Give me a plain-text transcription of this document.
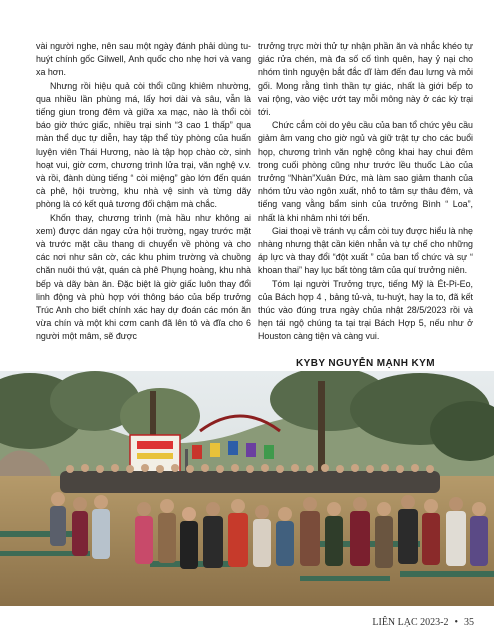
vài người nghe, nên sau một ngày đánh phải dùng tu-huýt chính gốc Gilwell, Anh quốc cho nhẹ hơi và vang xa hơn.

Nhưng rồi hiệu quả còi thổi cũng khiêm nhường, qua nhiều lần phùng má, lấy hơi dài và sâu, vẫn là tiếng giun trong đêm và giữa xa mạc, nào là thổi còi báo giờ thức giấc, nhiều trại sinh “3 cao 1 thấp” qua màn thể dục tự diễn, hay tập thể tùy phòng của huấn luyện viên Thái Hương, nào là tập họp chào cờ, sinh hoạt vui, giờ cơm, chương trình lửa trại, văn nghệ v.v. và rồi, đành dùng tiếng “ còi miệng” gào lớn đến quán cà phê, hội trường, khu nhà vệ sinh và từng dãy phòng là có kết quả tương đối chậm mà chắc.

Khốn thay, chương trình (mà hầu như không ai xem) được dán ngay cửa hội trường, ngay trước mặt và trước mặt cầu thang di chuyển về phòng và cho các nơi như sân cờ, các khu phim trường và chuồng chăn nuôi thú vật, quán cà phê Phụng hoàng, khu nhà bếp và dãy bàn ăn. Đặc biệt là giờ giấc luôn thay đổi linh động và phù hợp với thông báo của bếp trưởng Trúc Anh cho biết chính xác hay dự đoán các món ăn vừa chín và một khi cơm canh đã lên tô và đĩa cho 6 người một mâm, sẽ được

trưởng trực mời thử tự nhận phần ăn và nhắc khéo tự giác rửa chén, mà đa số cố tình quên, hay ỷ nại cho nhóm tình nguyện bắt đắc dĩ làm đến đau lưng và mỏi gối. Mong rằng tình thần tự giác, nhất là giới bếp to vai rộng, vào việc ướt tay mỗi mông này ở các kỳ trại tới.

Chức cắm còi do yêu cầu của ban tổ chức yêu cầu giảm âm vang cho giờ ngủ và giữ trật tự cho các buổi họp, chương trình văn nghệ công khai hay chui đêm trong cuối phòng cũng như trước lều thuốc Lào của trưởng “Nhàn”Xuân Đức, mà làm sao giảm thanh của nhóm tửu vào ngôn xuất, nhỏ to tâm sự thâu đêm, và tiếng vang vằng bẩm sinh của trưởng Bình “ Loa”, nhất là khi nhâm nhi tới bến.

Giai thoại về tránh vụ cắm còi tuy được hiểu là nhẹ nhàng nhưng thật cần kiên nhẫn và tự chế cho những áp lực và thay đổi “đột xuất ” của ban tổ chức và sự “ khoan thai” hay lục bất tòng tâm của quí trưởng niên.

Tóm lại người Trưởng trực, tiếng Mỹ là Ét-Pi-Eo, của Bách hợp 4 , bảng tủ-và, tu-huýt, hay la to, đã kết thúc vào đúng trưa ngày chủa nhật 28/5/2023 rồi và hẹn tái ngộ chúng ta tại trại Bách Hợp 5, nếu như ở Houston càng tiện và càng vui.

KYBY NGUYỄN MẠNH KYM
LIÊN LẠC 2023-2 • 35
